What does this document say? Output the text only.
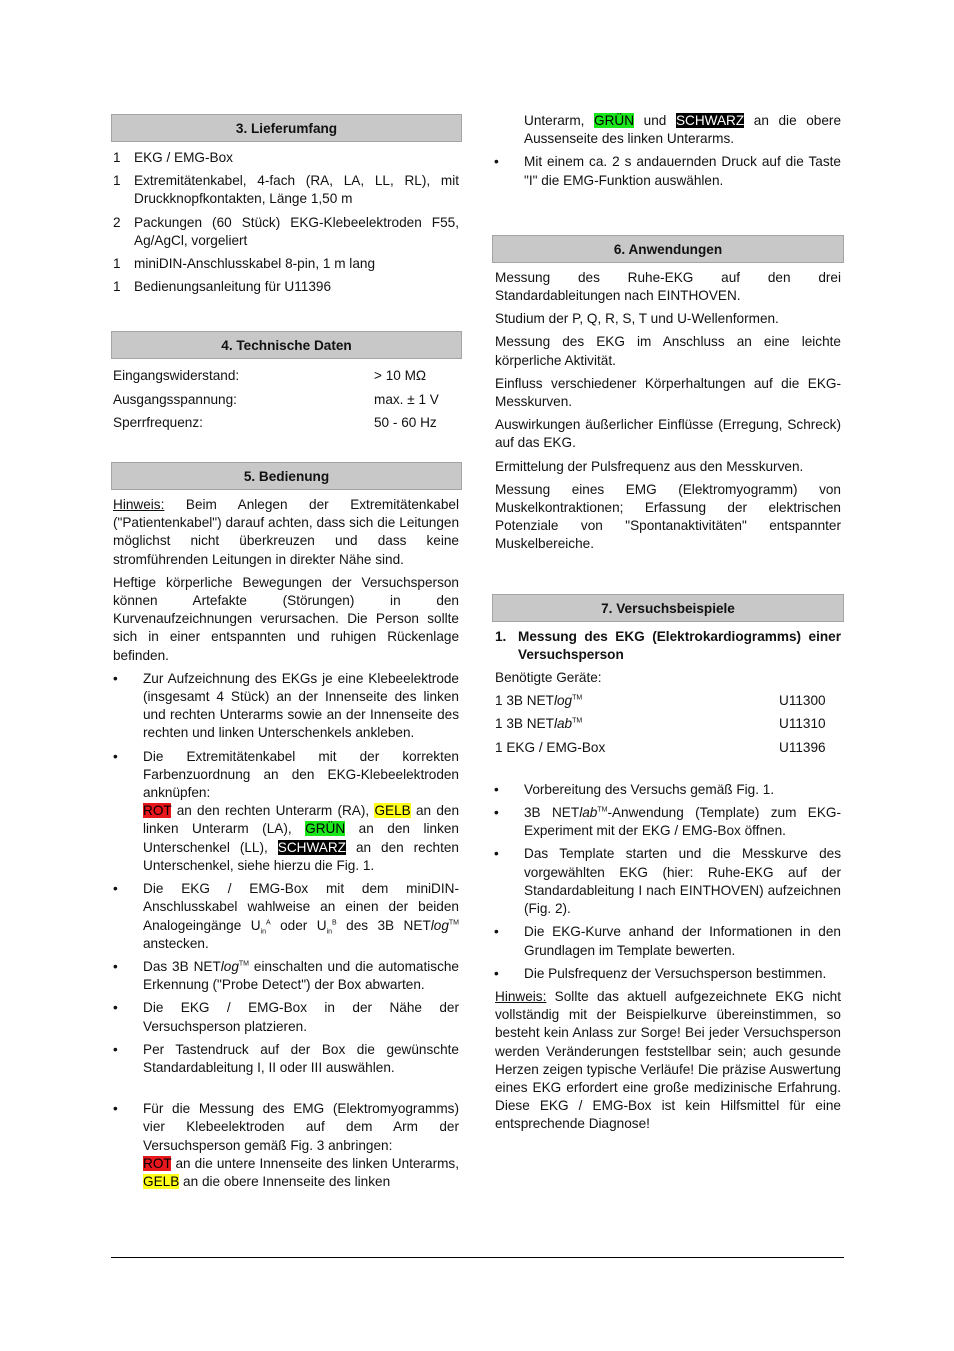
3. Lieferumfang
1 EKG / EMG-Box
1 Extremitätenkabel, 4-fach (RA, LA, LL, RL), mit Druckknopfkontakten, Länge 1,50 m
2 Packungen (60 Stück) EKG-Klebeelektroden F55, Ag/AgCl, vorgeliert
1 miniDIN-Anschlusskabel 8-pin, 1 m lang
1 Bedienungsanleitung für U11396
4. Technische Daten
Eingangswiderstand:	> 10 MΩ
Ausgangsspannung:	max. ± 1 V
Sperrfrequenz:	50 - 60 Hz
5. Bedienung
Hinweis: Beim Anlegen der Extremitätenkabel ("Patientenkabel") darauf achten, dass sich die Leitungen möglichst nicht überkreuzen und dass keine stromführenden Leitungen in direkter Nähe sind.
Heftige körperliche Bewegungen der Versuchsperson können Artefakte (Störungen) in den Kurvenaufzeichnungen verursachen. Die Person sollte sich in einer entspannten und ruhigen Rückenlage befinden.
•	Zur Aufzeichnung des EKGs je eine Klebeelektrode (insgesamt 4 Stück) an der Innenseite des linken und rechten Unterarms sowie an der Innenseite des rechten und linken Unterschenkels ankleben.
•	Die Extremitätenkabel mit der korrekten Farbenzuordnung an den EKG-Klebeelektroden anknüpfen:
ROT an den rechten Unterarm (RA), GELB an den linken Unterarm (LA), GRÜN an den linken Unterschenkel (LL), SCHWARZ an den rechten Unterschenkel, siehe hierzu die Fig. 1.
•	Die EKG / EMG-Box mit dem miniDIN-Anschlusskabel wahlweise an einen der beiden Analogeingänge $U_{in}^A$ oder $U_{in}^B$ des 3B NETlog™ anstecken.
•	Das 3B NETlog™ einschalten und die automatische Erkennung ("Probe Detect") der Box abwarten.
•	Die EKG / EMG-Box in der Nähe der Versuchsperson platzieren.
•	Per Tastendruck auf der Box die gewünschte Standardableitung I, II oder III auswählen.
•	Für die Messung des EMG (Elektromyogramms) vier Klebeelektroden auf dem Arm der Versuchsperson gemäß Fig. 3 anbringen:
ROT an die untere Innenseite des linken Unterarms, GELB an die obere Innenseite des linken
Unterarm, GRÜN und SCHWARZ an die obere Aussenseite des linken Unterarms.
•	Mit einem ca. 2 s andauernden Druck auf die Taste "I" die EMG-Funktion auswählen.
6. Anwendungen
Messung des Ruhe-EKG auf den drei Standardableitungen nach EINTHOVEN.
Studium der P, Q, R, S, T und U-Wellenformen.
Messung des EKG im Anschluss an eine leichte körperliche Aktivität.
Einfluss verschiedener Körperhaltungen auf die EKG-Messkurven.
Auswirkungen äußerlicher Einflüsse (Erregung, Schreck) auf das EKG.
Ermittelung der Pulsfrequenz aus den Messkurven.
Messung eines EMG (Elektromyogramm) von Muskelkontraktionen; Erfassung der elektrischen Potenziale von "Spontanaktivitäten" entspannter Muskelbereiche.
7. Versuchsbeispiele
1. Messung des EKG (Elektrokardiogramms) einer Versuchsperson
Benötigte Geräte:
1 3B NETlog™	U11300
1 3B NETlab™	U11310
1 EKG / EMG-Box	U11396
•	Vorbereitung des Versuchs gemäß Fig. 1.
•	3B NETlab™-Anwendung (Template) zum EKG-Experiment mit der EKG / EMG-Box öffnen.
•	Das Template starten und die Messkurve des vorgewählten EKG (hier: Ruhe-EKG auf der Standardableitung I nach EINTHOVEN) aufzeichnen (Fig. 2).
•	Die EKG-Kurve anhand der Informationen in den Grundlagen im Template bewerten.
•	Die Pulsfrequenz der Versuchsperson bestimmen.
Hinweis: Sollte das aktuell aufgezeichnete EKG nicht vollständig mit der Beispielkurve übereinstimmen, so besteht kein Anlass zur Sorge! Bei jeder Versuchsperson werden Veränderungen feststellbar sein; auch gesunde Herzen zeigen typische Verläufe! Die präzise Auswertung eines EKG erfordert eine große medizinische Erfahrung. Diese EKG / EMG-Box ist kein Hilfsmittel für eine entsprechende Diagnose!
